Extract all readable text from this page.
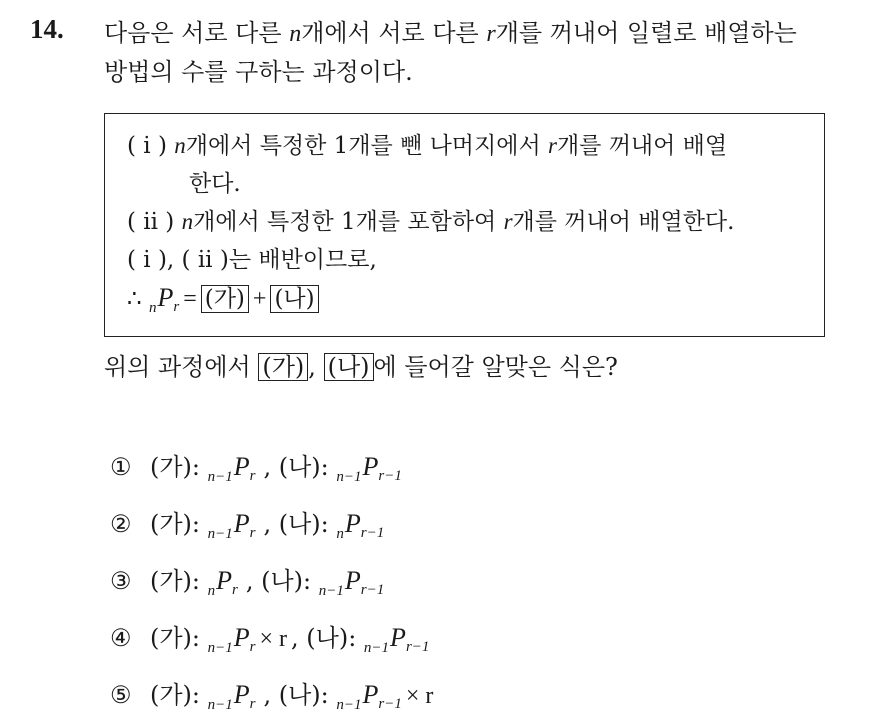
14. 다음은 서로 다른 n개에서 서로 다른 r개를 꺼내어 일렬로 배열하는
방법의 수를 구하는 과정이다.
( i ) n개에서 특정한 1개를 뺀 나머지에서 r개를 꺼내어 배열
한다.
( ii ) n개에서 특정한 1개를 포함하여 r개를 꺼내어 배열한다.
( i ), ( ii )는 배반이므로,
∴ $_nP_r$ = (가) + (나)
위의 과정에서 (가) , (나) 에 들어갈 알맞은 식은?
① (가): $_{n-1}P_r$ , (나): $_{n-1}P_{r-1}$
② (가): $_{n-1}P_r$ , (나): $_nP_{r-1}$
③ (가): $_nP_r$ , (나): $_{n-1}P_{r-1}$
④ (가): $_{n-1}P_r \times r$ , (나): $_{n-1}P_{r-1}$
⑤ (가): $_{n-1}P_r$ , (나): $_{n-1}P_{r-1} \times r$
